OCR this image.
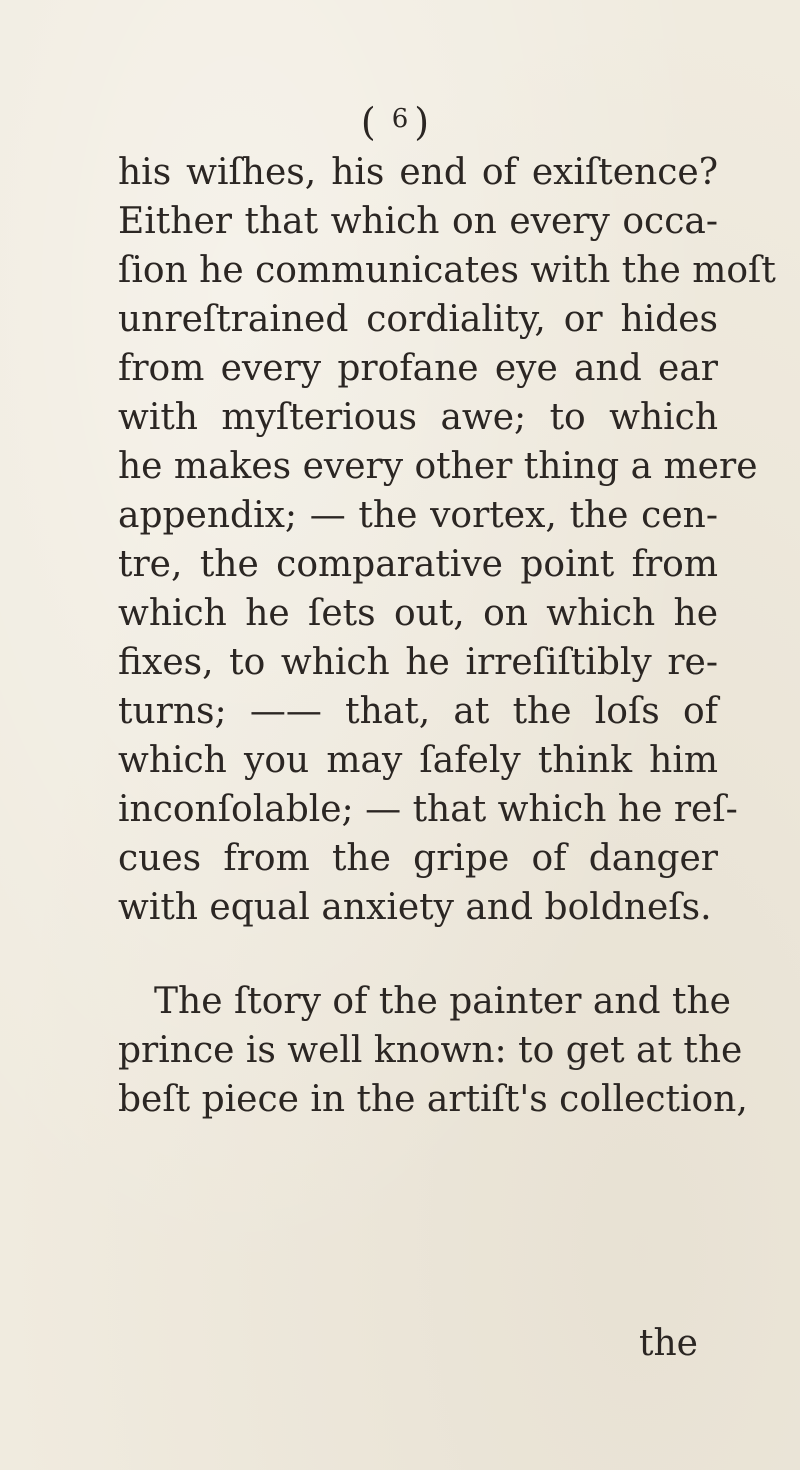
( $^6$ )
his wiſhes, his end of exiſtence?
Either that which on every occa-
ſion he communicates with the moſt
unreſtrained cordiality, or hides
from every profane eye and ear
with myſterious awe; to which
he makes every other thing a mere
appendix; — the vortex, the cen-
tre, the comparative point from
which he ſets out, on which he
fixes, to which he irreſiſtibly re-
turns; —— that, at the loſs of
which you may ſafely think him
inconſolable; — that which he reſ-
cues from the gripe of danger
with equal anxiety and boldneſs.
The ſtory of the painter and the
prince is well known: to get at the
beſt piece in the artiſt's collection,
the
